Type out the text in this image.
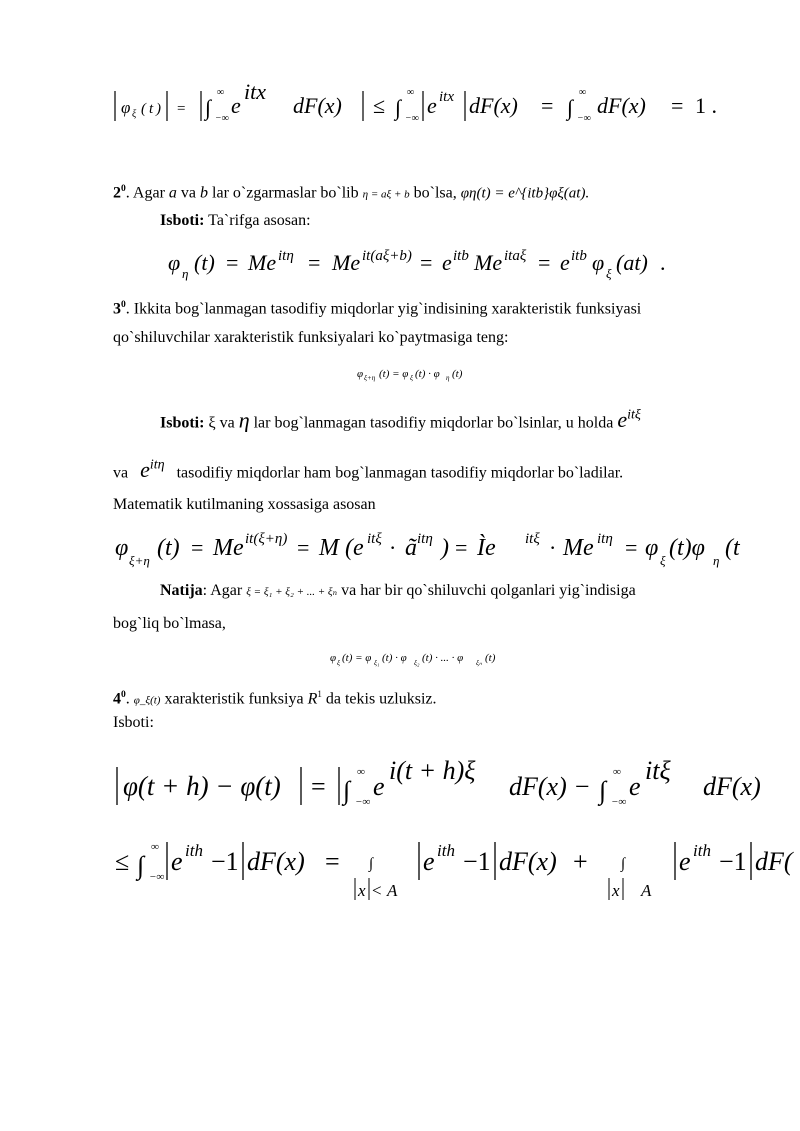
φ ξ ( t ) = ∫
∞
−∞
e
itx
dF(x) ≤ ∫
∞
−∞
e itx dF(x) = ∫
∞
−∞
dF(x) = 1 .
$2^0$. Agar a va b lar o`zgarmaslar bo`lib η = aξ + b bo`lsa, φη(t) = e^{itb}φξ(at).
Isboti: Ta`rifga asosan:
φ η (t) = Me itη = Me it(aξ+b) = e itb Me itaξ = e itb φ ξ (at) .
$3^0$. Ikkita bog`lanmagan tasodifiy miqdorlar yig`indisining xarakteristik funksiyasi
qo`shiluvchilar xarakteristik funksiyalari ko`paytmasiga teng:
φ ξ+η (t) = φ ξ (t) · φ η (t)
Isboti: ξ va η lar bog`lanmagan tasodifiy miqdorlar bo`lsinlar, u holda $e^{it\xi}$
va $e^{it\eta}$ tasodifiy miqdorlar ham bog`lanmagan tasodifiy miqdorlar bo`ladilar.
Matematik kutilmaning xossasiga asosan
φ ξ+η (t) = Me it(ξ+η) = M (e itξ · ã itη ) = Ìe itξ · Me itη = φ ξ (t)φ η (t
Natija: Agar ξ = ξ₁ + ξ₂ + ... + ξₙ va har bir qo`shiluvchi qolganlari yig`indisiga
bog`liq bo`lmasa,
φ ξ (t) = φ ξ₁ (t) · φ ξ₂ (t) · ... · φ ξₙ (t)
$4^0$. φ_ξ(t) xarakteristik funksiya $R^1$ da tekis uzluksiz.
Isboti:
φ(t + h) − φ(t) = ∫
∞
−∞
e
i(t + h)ξ
dF(x) − ∫
∞
−∞
e
itξ
dF(x)
≤ ∫
∞
−∞
e ith −1 dF(x) = ∫
x < A
e ith −1 dF(x) + ∫
x A
e ith −1 dF(
